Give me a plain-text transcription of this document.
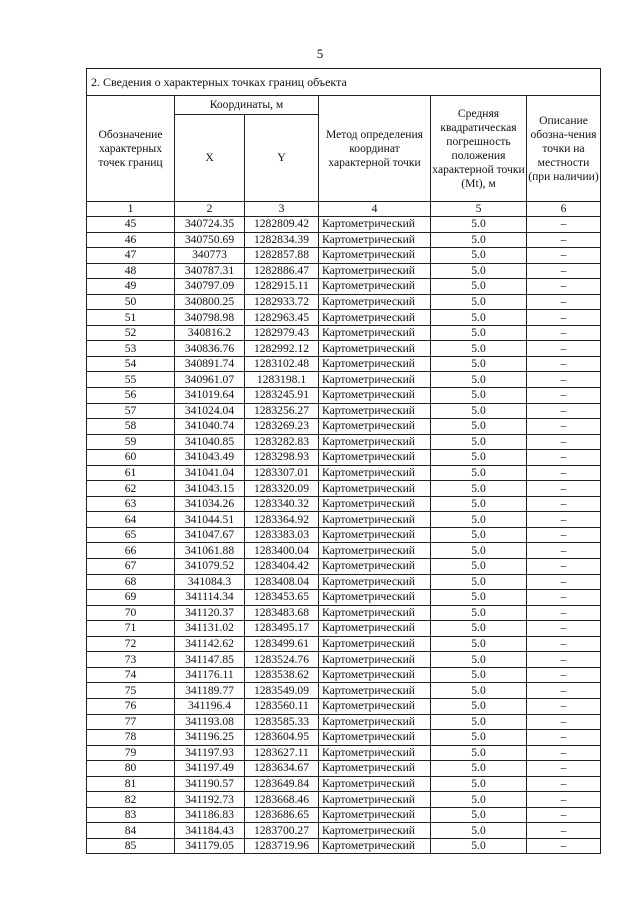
5
2. Сведения о характерных точках границ объекта					
Обозначение характерных точек границ	Координаты, м		Метод определения координат характерной точки	Средняя квадратическая погрешность положения характерной точки (Mt), м	Описание обозна-чения точки на местности (при наличии)
	X	Y			
1	2	3	4	5	6
45	340724.35	1282809.42	Картометрический	5.0	–
46	340750.69	1282834.39	Картометрический	5.0	–
47	340773	1282857.88	Картометрический	5.0	–
48	340787.31	1282886.47	Картометрический	5.0	–
49	340797.09	1282915.11	Картометрический	5.0	–
50	340800.25	1282933.72	Картометрический	5.0	–
51	340798.98	1282963.45	Картометрический	5.0	–
52	340816.2	1282979.43	Картометрический	5.0	–
53	340836.76	1282992.12	Картометрический	5.0	–
54	340891.74	1283102.48	Картометрический	5.0	–
55	340961.07	1283198.1	Картометрический	5.0	–
56	341019.64	1283245.91	Картометрический	5.0	–
57	341024.04	1283256.27	Картометрический	5.0	–
58	341040.74	1283269.23	Картометрический	5.0	–
59	341040.85	1283282.83	Картометрический	5.0	–
60	341043.49	1283298.93	Картометрический	5.0	–
61	341041.04	1283307.01	Картометрический	5.0	–
62	341043.15	1283320.09	Картометрический	5.0	–
63	341034.26	1283340.32	Картометрический	5.0	–
64	341044.51	1283364.92	Картометрический	5.0	–
65	341047.67	1283383.03	Картометрический	5.0	–
66	341061.88	1283400.04	Картометрический	5.0	–
67	341079.52	1283404.42	Картометрический	5.0	–
68	341084.3	1283408.04	Картометрический	5.0	–
69	341114.34	1283453.65	Картометрический	5.0	–
70	341120.37	1283483.68	Картометрический	5.0	–
71	341131.02	1283495.17	Картометрический	5.0	–
72	341142.62	1283499.61	Картометрический	5.0	–
73	341147.85	1283524.76	Картометрический	5.0	–
74	341176.11	1283538.62	Картометрический	5.0	–
75	341189.77	1283549.09	Картометрический	5.0	–
76	341196.4	1283560.11	Картометрический	5.0	–
77	341193.08	1283585.33	Картометрический	5.0	–
78	341196.25	1283604.95	Картометрический	5.0	–
79	341197.93	1283627.11	Картометрический	5.0	–
80	341197.49	1283634.67	Картометрический	5.0	–
81	341190.57	1283649.84	Картометрический	5.0	–
82	341192.73	1283668.46	Картометрический	5.0	–
83	341186.83	1283686.65	Картометрический	5.0	–
84	341184.43	1283700.27	Картометрический	5.0	–
85	341179.05	1283719.96	Картометрический	5.0	–
